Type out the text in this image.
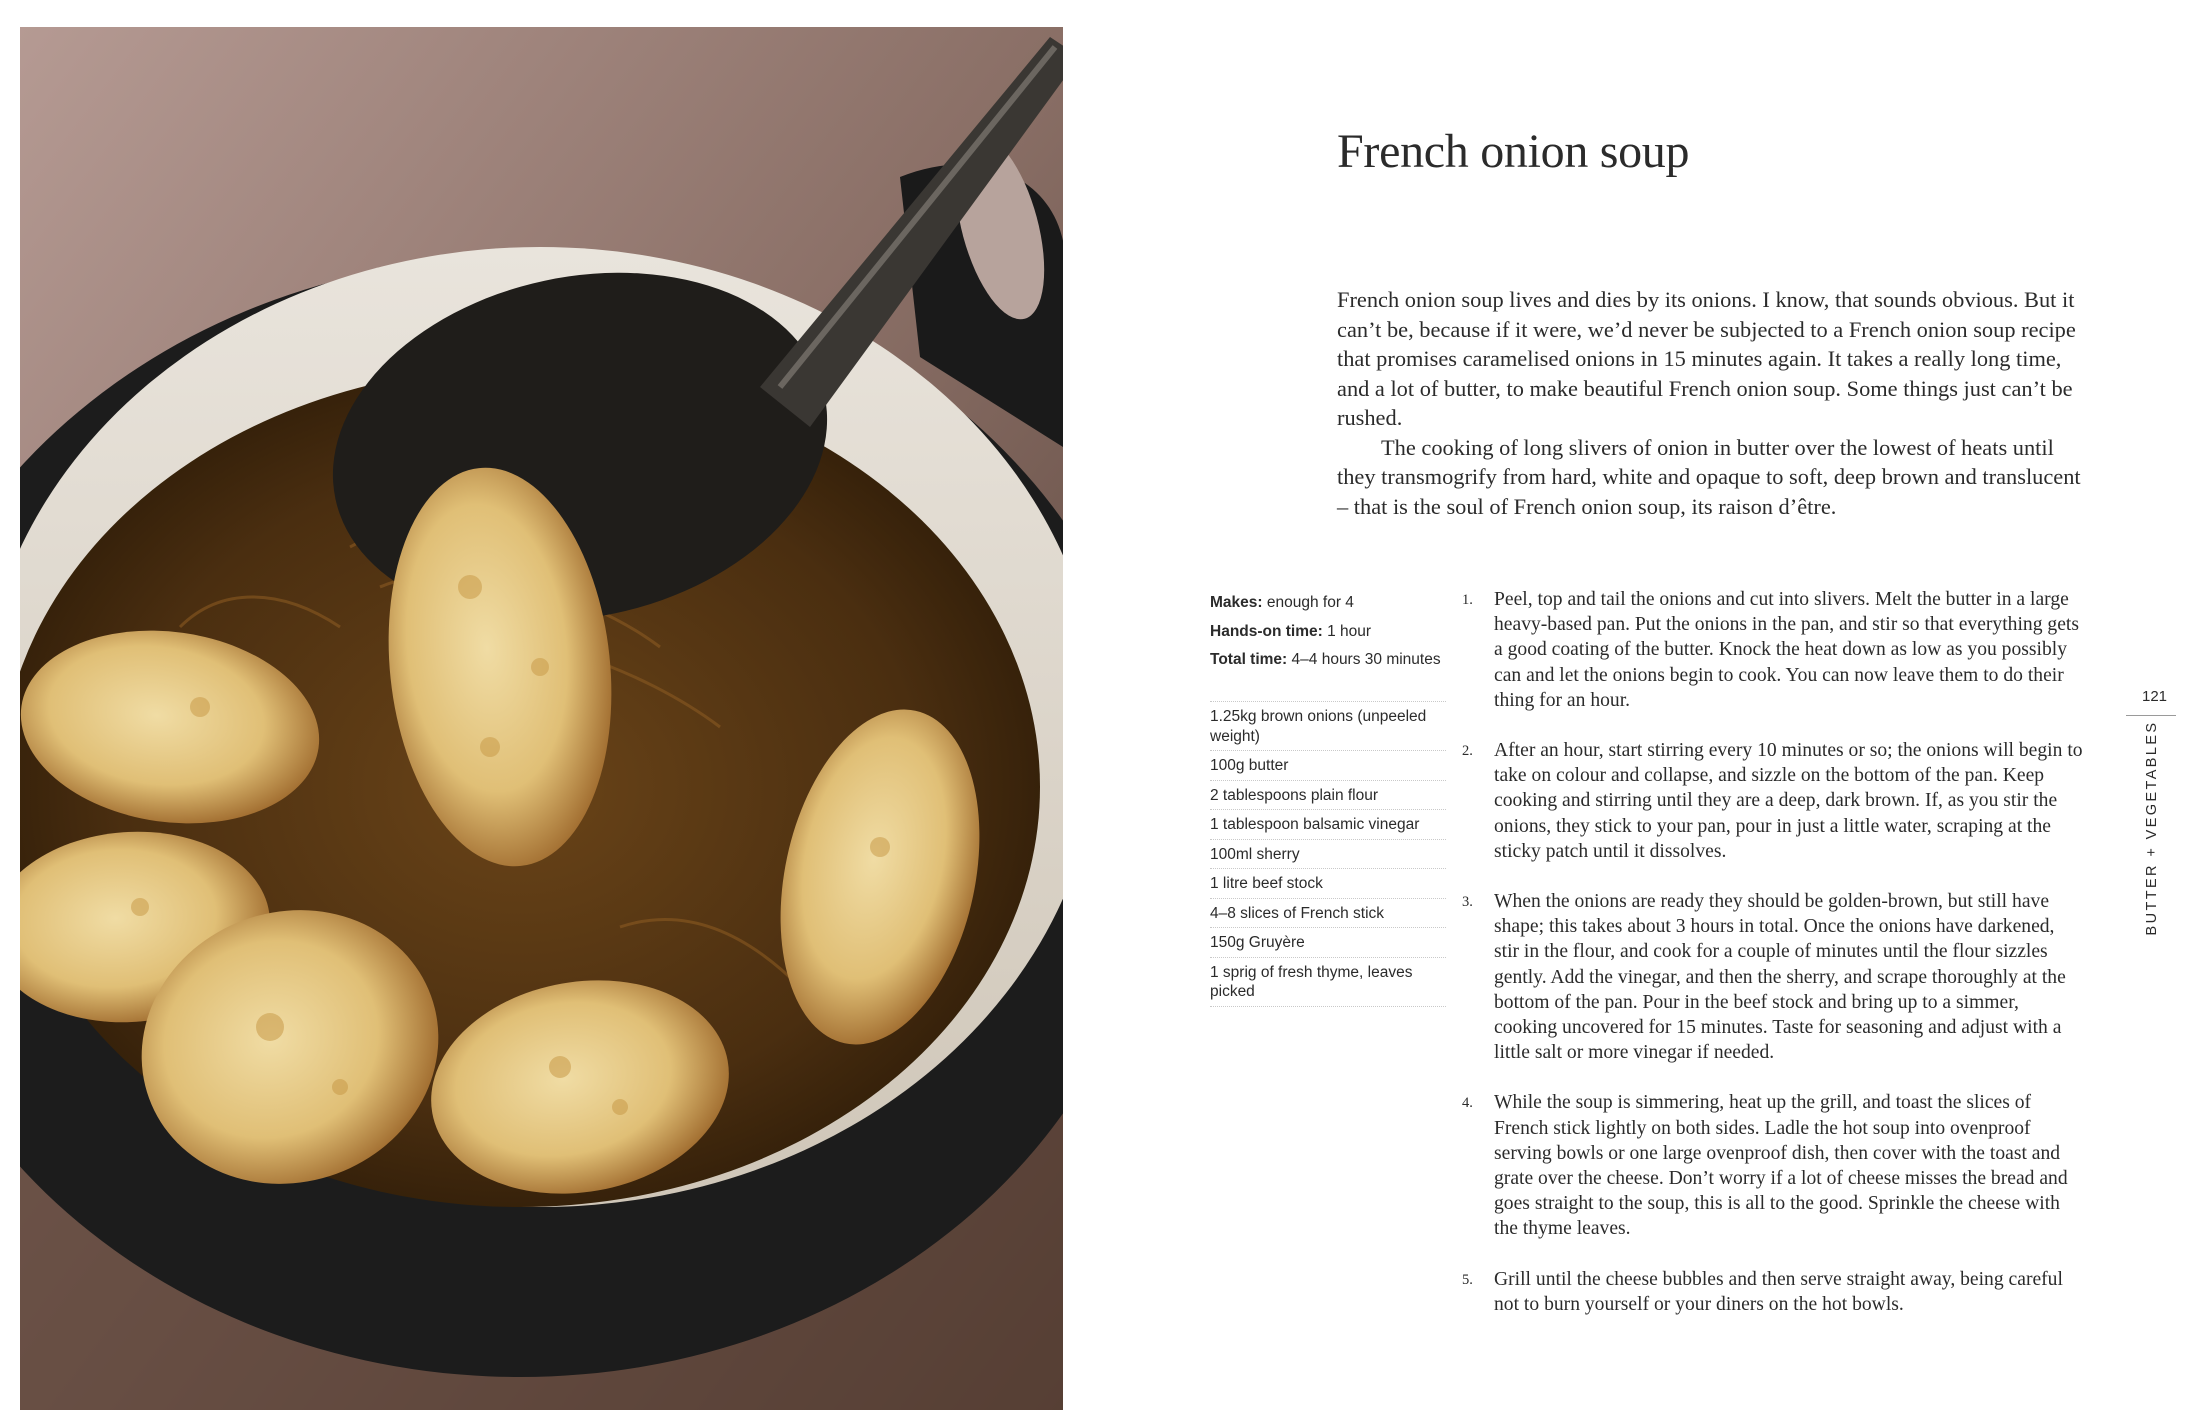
French onion soup

French onion soup lives and dies by its onions. I know, that sounds obvious. But it can’t be, because if it were, we’d never be subjected to a French onion soup recipe that promises caramelised onions in 15 minutes again. It takes a really long time, and a lot of butter, to make beautiful French onion soup. Some things just can’t be rushed.

The cooking of long slivers of onion in butter over the lowest of heats until they transmogrify from hard, white and opaque to soft, deep brown and translucent – that is the soul of French onion soup, its raison d’être.

Makes: enough for 4
Hands-on time: 1 hour
Total time: 4–4 hours 30 minutes
1.25kg brown onions (unpeeled weight)
100g butter
2 tablespoons plain flour
1 tablespoon balsamic vinegar
100ml sherry
1 litre beef stock
4–8 slices of French stick
150g Gruyère
1 sprig of fresh thyme, leaves picked
1. Peel, top and tail the onions and cut into slivers. Melt the butter in a large heavy-based pan. Put the onions in the pan, and stir so that everything gets a good coating of the butter. Knock the heat down as low as you possibly can and let the onions begin to cook. You can now leave them to do their thing for an hour.
2. After an hour, start stirring every 10 minutes or so; the onions will begin to take on colour and collapse, and sizzle on the bottom of the pan. Keep cooking and stirring until they are a deep, dark brown. If, as you stir the onions, they stick to your pan, pour in just a little water, scraping at the sticky patch until it dissolves.
3. When the onions are ready they should be golden-brown, but still have shape; this takes about 3 hours in total. Once the onions have darkened, stir in the flour, and cook for a couple of minutes until the flour sizzles gently. Add the vinegar, and then the sherry, and scrape thoroughly at the bottom of the pan. Pour in the beef stock and bring up to a simmer, cooking uncovered for 15 minutes. Taste for seasoning and adjust with a little salt or more vinegar if needed.
4. While the soup is simmering, heat up the grill, and toast the slices of French stick lightly on both sides. Ladle the hot soup into ovenproof serving bowls or one large ovenproof dish, then cover with the toast and grate over the cheese. Don’t worry if a lot of cheese misses the bread and goes straight to the soup, this is all to the good. Sprinkle the cheese with the thyme leaves.
5. Grill until the cheese bubbles and then serve straight away, being careful not to burn yourself or your diners on the hot bowls.
121
BUTTER + VEGETABLES
